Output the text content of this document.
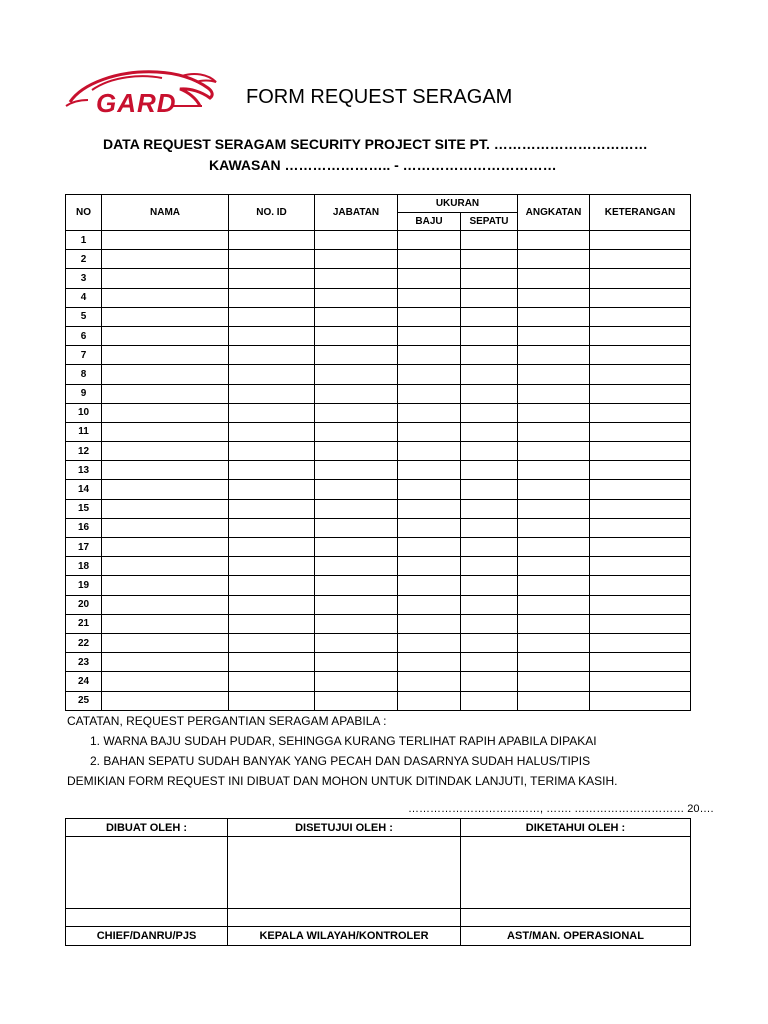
GARD	FORM REQUEST SERAGAM
DATA REQUEST SERAGAM SECURITY PROJECT SITE PT. ……………………………
KAWASAN ………………….. - ……………………………
NO	NAMA	NO. ID	JABATAN	UKURAN		ANGKATAN	KETERANGAN
				BAJU	SEPATU		
1							
2							
3							
4							
5							
6							
7							
8							
9							
10							
11							
12							
13							
14							
15							
16							
17							
18							
19							
20							
21							
22							
23							
24							
25							
CATATAN, REQUEST PERGANTIAN SERAGAM APABILA :
1. WARNA BAJU SUDAH PUDAR, SEHINGGA KURANG TERLIHAT RAPIH APABILA DIPAKAI
2. BAHAN SEPATU SUDAH BANYAK YANG PECAH DAN DASARNYA SUDAH HALUS/TIPIS
DEMIKIAN FORM REQUEST INI DIBUAT DAN MOHON UNTUK DITINDAK LANJUTI, TERIMA KASIH.
………………………………, ……. ………………………… 20….
DIBUAT OLEH :	DISETUJUI OLEH :	DIKETAHUI OLEH :

CHIEF/DANRU/PJS	KEPALA WILAYAH/KONTROLER	AST/MAN. OPERASIONAL
